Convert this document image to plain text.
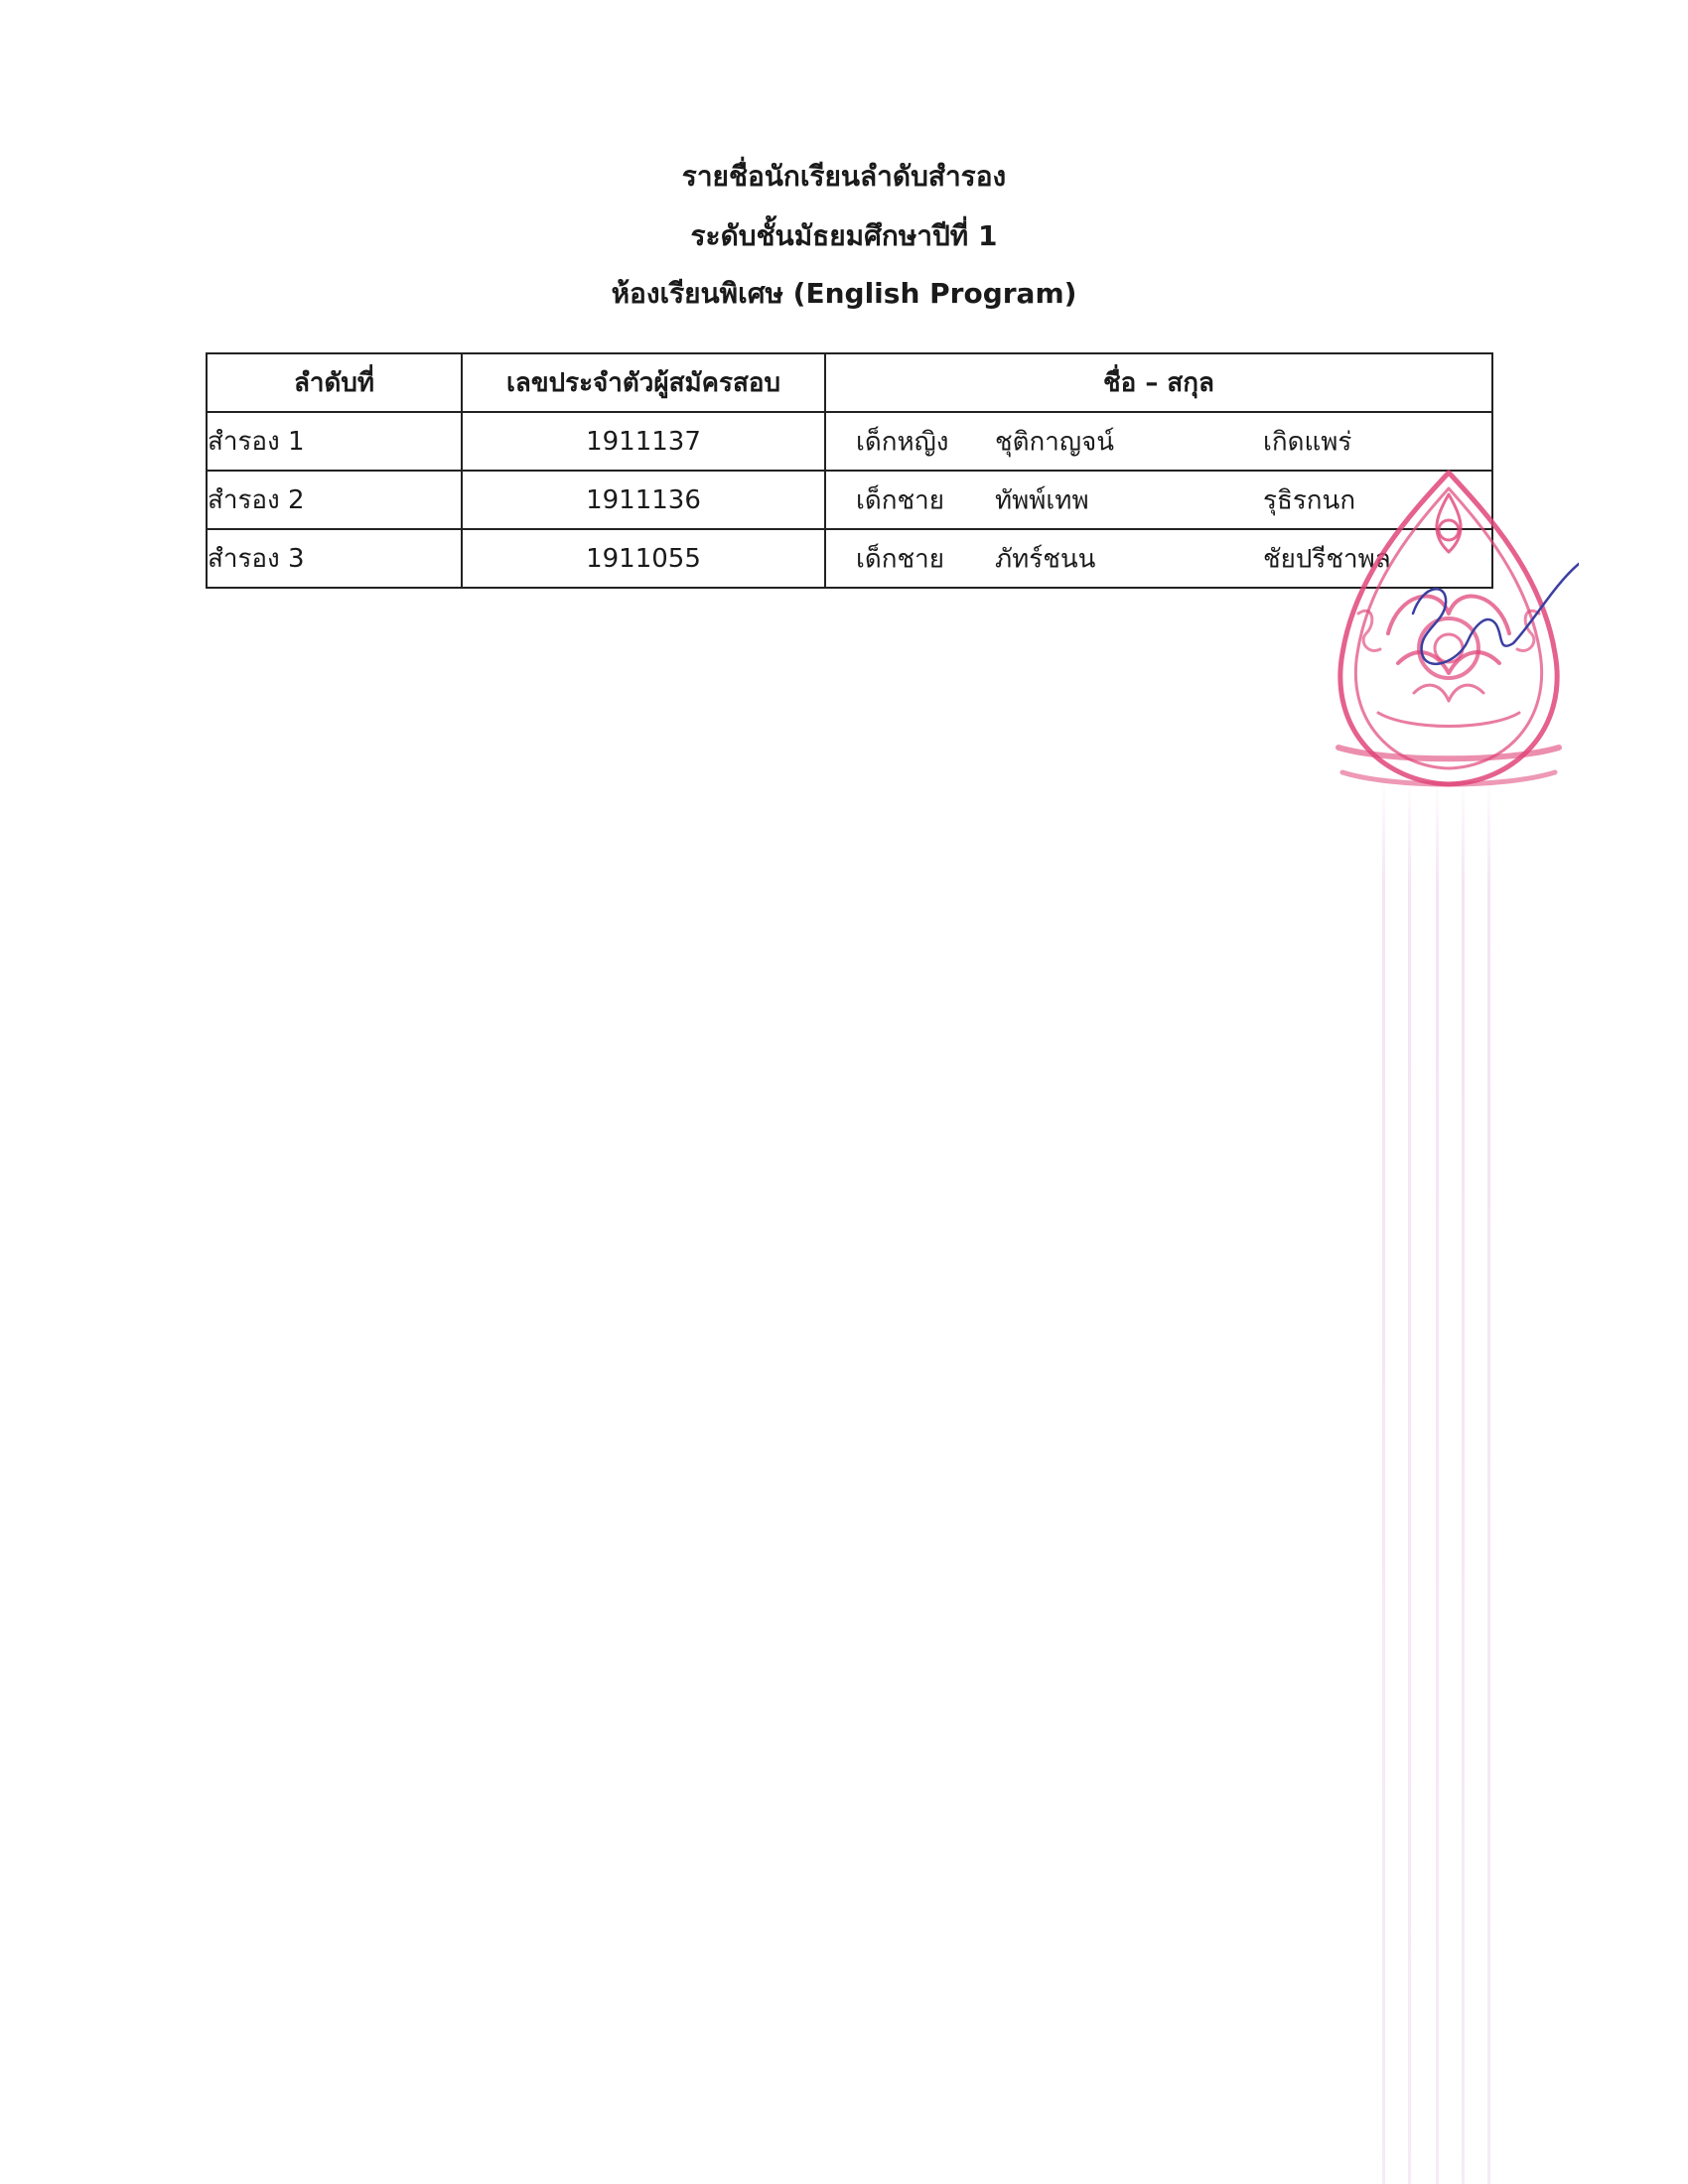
รายชื่อนักเรียนลำดับสำรอง
ระดับชั้นมัธยมศึกษาปีที่ 1
ห้องเรียนพิเศษ (English Program)
ลำดับที่	เลขประจำตัวผู้สมัครสอบ	ชื่อ – สกุล
สำรอง 1	1911137	เด็กหญิง ชุติกาญจน์ เกิดแพร่

สำรอง 2	1911136	เด็กชาย ทัพพ์เทพ รุธิรกนก

สำรอง 3	1911055	เด็กชาย ภัทร์ชนน ชัยปรีชาพล
